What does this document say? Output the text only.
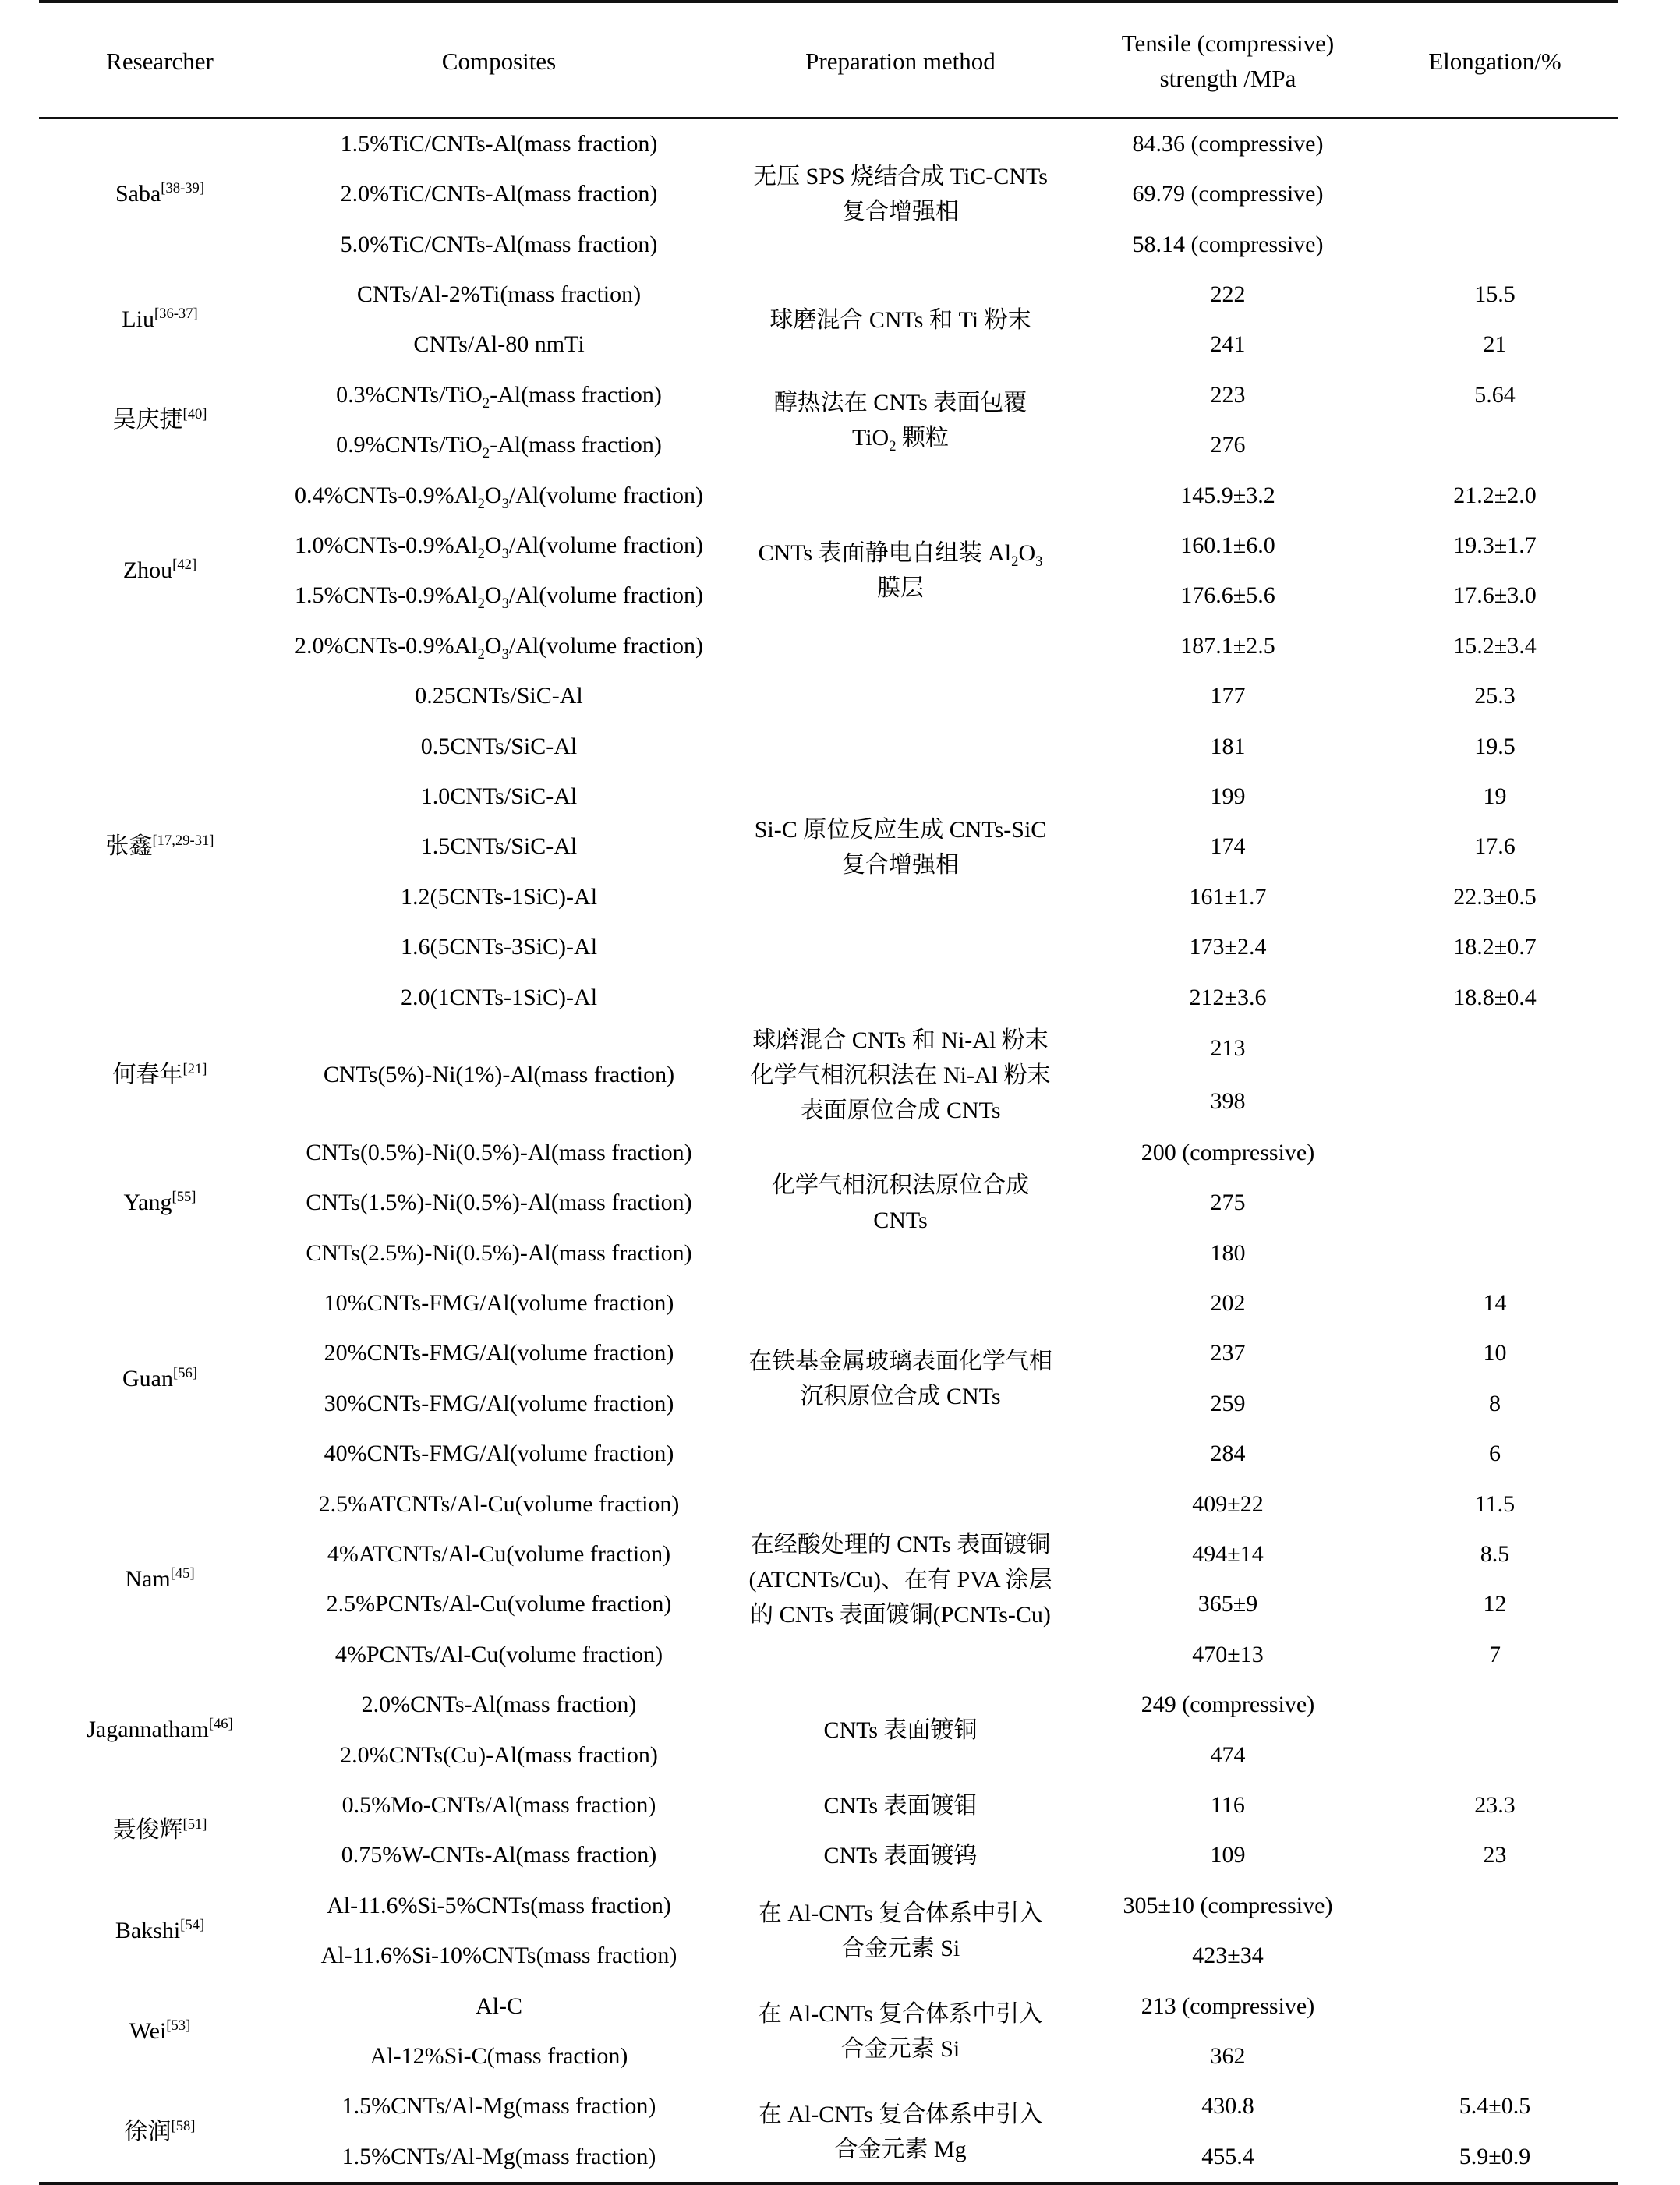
Researcher	Composites	Preparation method	Tensile (compressive)
strength /MPa	Elongation/%
Saba[38-39]	1.5%TiC/CNTs-Al(mass fraction)	无压 SPS 烧结合成 TiC-CNTs
复合增强相	84.36 (compressive)	

	2.0%TiC/CNTs-Al(mass fraction)		69.79 (compressive)	

	5.0%TiC/CNTs-Al(mass fraction)		58.14 (compressive)	

Liu[36-37]	CNTs/Al-2%Ti(mass fraction)	球磨混合 CNTs 和 Ti 粉末	222	15.5

	CNTs/Al-80 nmTi		241	21

吴庆捷[40]	0.3%CNTs/TiO$_2$-Al(mass fraction)	醇热法在 CNTs 表面包覆
TiO$_2$ 颗粒	223	5.64

	0.9%CNTs/TiO$_2$-Al(mass fraction)		276	

Zhou[42]	$0.4\%CNTs-0.9\%Al_2O_3/Al(volume$ fraction)	CNTs 表面静电自组装 $Al_2O_3$
膜层	145.9±3.2	21.2±2.0

	$1.0\%CNTs-0.9\%Al_2O_3/Al(volume$ fraction)		160.1±6.0	19.3±1.7

	$1.5\%CNTs-0.9\%Al_2O_3/Al(volume$ fraction)		176.6±5.6	17.6±3.0

	$2.0\%CNTs-0.9\%Al_2O_3/Al(volume$ fraction)		187.1±2.5	15.2±3.4

张鑫[17,29-31]	0.25CNTs/SiC-Al	Si-C 原位反应生成 CNTs-SiC
复合增强相	177	25.3

	0.5CNTs/SiC-Al		181	19.5

	1.0CNTs/SiC-Al		199	19

	1.5CNTs/SiC-Al		174	17.6

	1.2(5CNTs-1SiC)-Al		161±1.7	22.3±0.5

	1.6(5CNTs-3SiC)-Al		173±2.4	18.2±0.7

	2.0(1CNTs-1SiC)-Al		212±3.6	18.8±0.4

何春年[21]	CNTs(5%)-Ni(1%)-Al(mass fraction)	球磨混合 CNTs 和 Ni-Al 粉末
化学气相沉积法在 Ni-Al 粉末
表面原位合成 CNTs	213	

			398	

Yang[55]	CNTs(0.5%)-Ni(0.5%)-Al(mass fraction)	化学气相沉积法原位合成
CNTs	200 (compressive)	

	CNTs(1.5%)-Ni(0.5%)-Al(mass fraction)		275	

	CNTs(2.5%)-Ni(0.5%)-Al(mass fraction)		180	

Guan[56]	10%CNTs-FMG/Al(volume fraction)	在铁基金属玻璃表面化学气相
沉积原位合成 CNTs	202	14

	20%CNTs-FMG/Al(volume fraction)		237	10

	30%CNTs-FMG/Al(volume fraction)		259	8

	40%CNTs-FMG/Al(volume fraction)		284	6

Nam[45]	2.5%ATCNTs/Al-Cu(volume fraction)	在经酸处理的 CNTs 表面镀铜
(ATCNTs/Cu)、在有 PVA 涂层
的 CNTs 表面镀铜(PCNTs-Cu)	409±22	11.5

	4%ATCNTs/Al-Cu(volume fraction)		494±14	8.5

	2.5%PCNTs/Al-Cu(volume fraction)		365±9	12

	4%PCNTs/Al-Cu(volume fraction)		470±13	7

Jagannatham[46]	2.0%CNTs-Al(mass fraction)	CNTs 表面镀铜	249 (compressive)	

	2.0%CNTs(Cu)-Al(mass fraction)		474	

聂俊辉[51]	0.5%Mo-CNTs/Al(mass fraction)	CNTs 表面镀钼	116	23.3

	0.75%W-CNTs-Al(mass fraction)	CNTs 表面镀钨	109	23

Bakshi[54]	Al-11.6%Si-5%CNTs(mass fraction)	在 Al-CNTs 复合体系中引入
合金元素 Si	305±10 (compressive)	

	Al-11.6%Si-10%CNTs(mass fraction)		423±34	

Wei[53]	Al-C	在 Al-CNTs 复合体系中引入
合金元素 Si	213 (compressive)	

	Al-12%Si-C(mass fraction)		362	

徐润[58]	1.5%CNTs/Al-Mg(mass fraction)	在 Al-CNTs 复合体系中引入
合金元素 Mg	430.8	5.4±0.5

	1.5%CNTs/Al-Mg(mass fraction)		455.4	5.9±0.9
